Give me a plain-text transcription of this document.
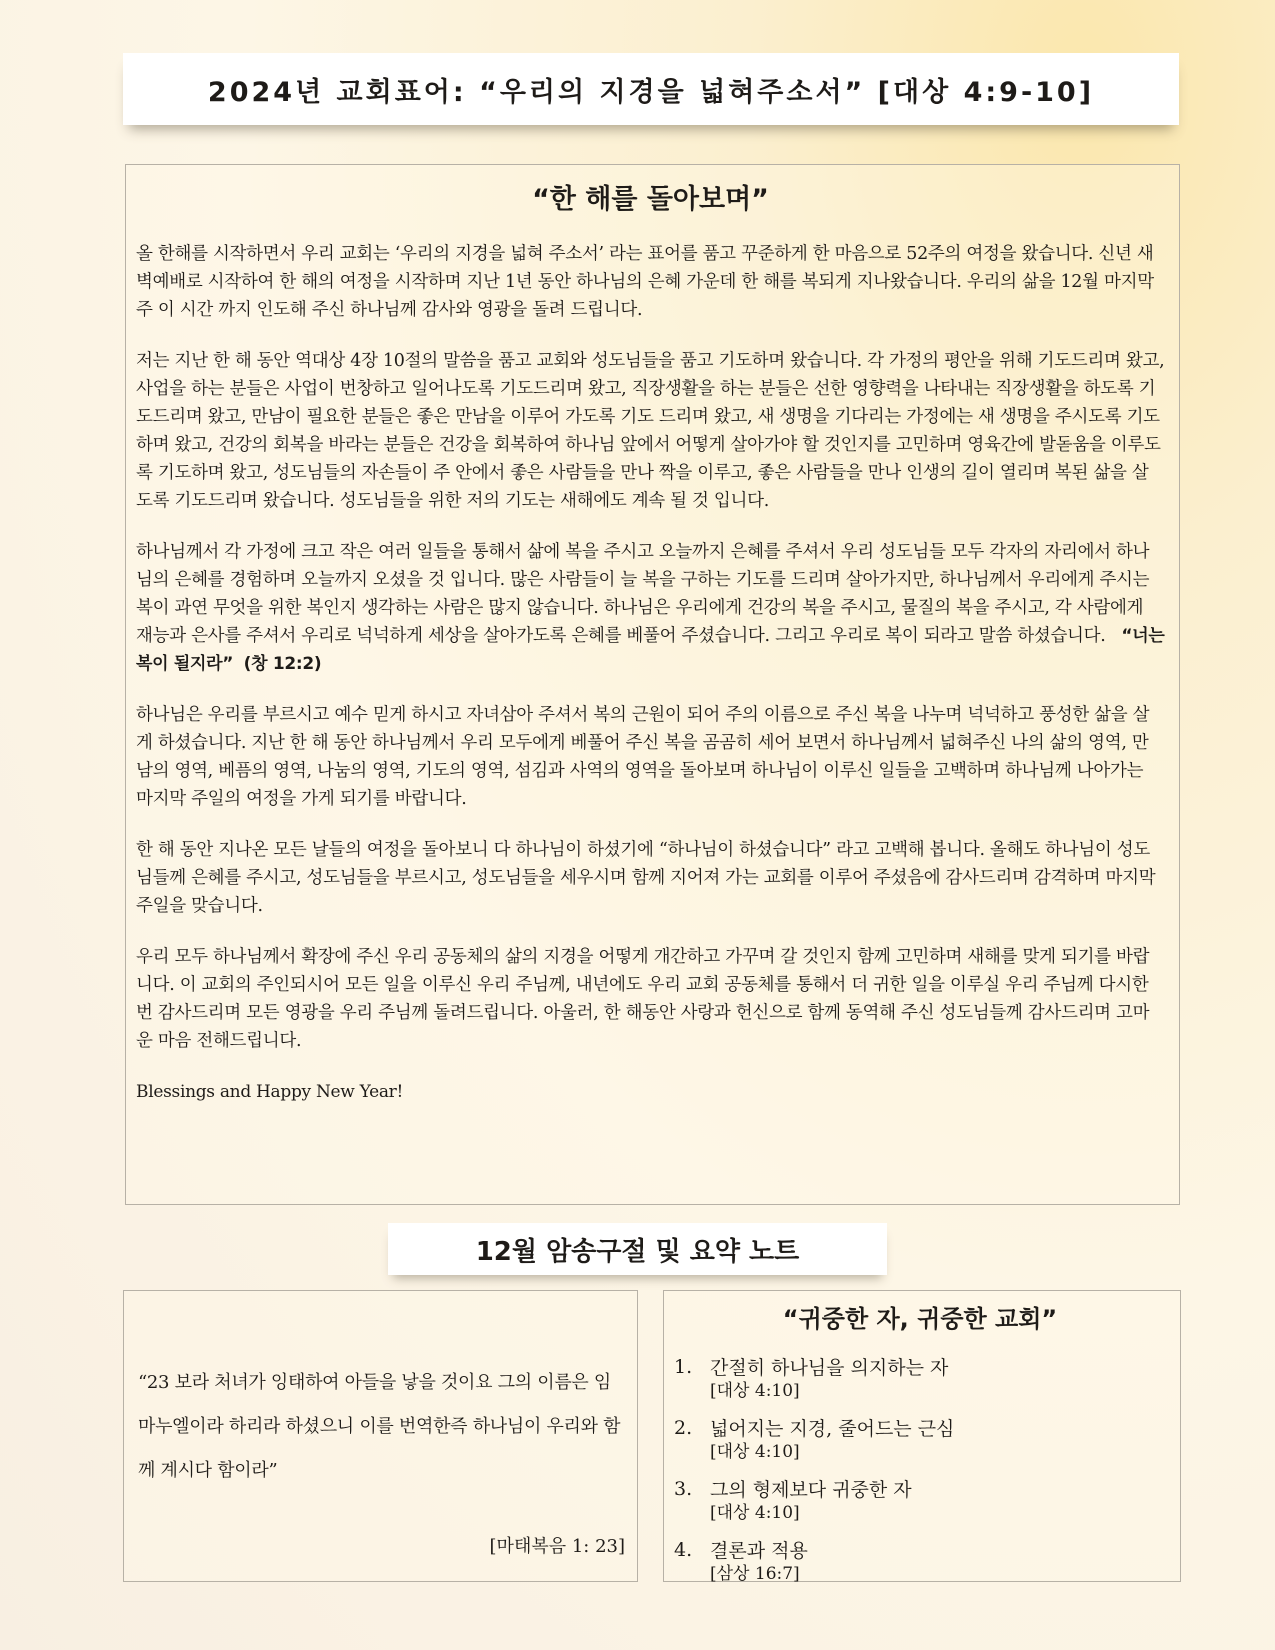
2024년 교회표어: “우리의 지경을 넓혀주소서” [대상 4:9-10]
“한 해를 돌아보며”

올 한해를 시작하면서 우리 교회는 ‘우리의 지경을 넓혀 주소서’ 라는 표어를 품고 꾸준하게 한 마음으로 52주의 여정을 왔습니다. 신년 새벽예배로 시작하여 한 해의 여정을 시작하며 지난 1년 동안 하나님의 은혜 가운데 한 해를 복되게 지나왔습니다. 우리의 삶을 12월 마지막 주 이 시간 까지 인도해 주신 하나님께 감사와 영광을 돌려 드립니다.

저는 지난 한 해 동안 역대상 4장 10절의 말씀을 품고 교회와 성도님들을 품고 기도하며 왔습니다. 각 가정의 평안을 위해 기도드리며 왔고, 사업을 하는 분들은 사업이 번창하고 일어나도록 기도드리며 왔고, 직장생활을 하는 분들은 선한 영향력을 나타내는 직장생활을 하도록 기도드리며 왔고, 만남이 필요한 분들은 좋은 만남을 이루어 가도록 기도 드리며 왔고, 새 생명을 기다리는 가정에는 새 생명을 주시도록 기도하며 왔고, 건강의 회복을 바라는 분들은 건강을 회복하여 하나님 앞에서 어떻게 살아가야 할 것인지를 고민하며 영육간에 발돋움을 이루도록 기도하며 왔고, 성도님들의 자손들이 주 안에서 좋은 사람들을 만나 짝을 이루고, 좋은 사람들을 만나 인생의 길이 열리며 복된 삶을 살도록 기도드리며 왔습니다. 성도님들을 위한 저의 기도는 새해에도 계속 될 것 입니다.

하나님께서 각 가정에 크고 작은 여러 일들을 통해서 삶에 복을 주시고 오늘까지 은혜를 주셔서 우리 성도님들 모두 각자의 자리에서 하나님의 은혜를 경험하며 오늘까지 오셨을 것 입니다. 많은 사람들이 늘 복을 구하는 기도를 드리며 살아가지만, 하나님께서 우리에게 주시는 복이 과연 무엇을 위한 복인지 생각하는 사람은 많지 않습니다. 하나님은 우리에게 건강의 복을 주시고, 물질의 복을 주시고, 각 사람에게 재능과 은사를 주셔서 우리로 넉넉하게 세상을 살아가도록 은혜를 베풀어 주셨습니다. 그리고 우리로 복이 되라고 말씀 하셨습니다. “너는 복이 될지라” (창 12:2)

하나님은 우리를 부르시고 예수 믿게 하시고 자녀삼아 주셔서 복의 근원이 되어 주의 이름으로 주신 복을 나누며 넉넉하고 풍성한 삶을 살게 하셨습니다. 지난 한 해 동안 하나님께서 우리 모두에게 베풀어 주신 복을 곰곰히 세어 보면서 하나님께서 넓혀주신 나의 삶의 영역, 만남의 영역, 베픔의 영역, 나눔의 영역, 기도의 영역, 섬김과 사역의 영역을 돌아보며 하나님이 이루신 일들을 고백하며 하나님께 나아가는 마지막 주일의 여정을 가게 되기를 바랍니다.

한 해 동안 지나온 모든 날들의 여정을 돌아보니 다 하나님이 하셨기에 “하나님이 하셨습니다” 라고 고백해 봅니다. 올해도 하나님이 성도님들께 은혜를 주시고, 성도님들을 부르시고, 성도님들을 세우시며 함께 지어져 가는 교회를 이루어 주셨음에 감사드리며 감격하며 마지막 주일을 맞습니다.

우리 모두 하나님께서 확장에 주신 우리 공동체의 삶의 지경을 어떻게 개간하고 가꾸며 갈 것인지 함께 고민하며 새해를 맞게 되기를 바랍니다. 이 교회의 주인되시어 모든 일을 이루신 우리 주님께, 내년에도 우리 교회 공동체를 통해서 더 귀한 일을 이루실 우리 주님께 다시한번 감사드리며 모든 영광을 우리 주님께 돌려드립니다. 아울러, 한 해동안 사랑과 헌신으로 함께 동역해 주신 성도님들께 감사드리며 고마운 마음 전해드립니다.

Blessings and Happy New Year!

12월 암송구절 및 요약 노트
“23 보라 처녀가 잉태하여 아들을 낳을 것이요 그의 이름은 임마누엘이라 하리라 하셨으니 이를 번역한즉 하나님이 우리와 함께 계시다 함이라”
[마태복음 1: 23]
“귀중한 자, 귀중한 교회”
1. 간절히 하나님을 의지하는 자
[대상 4:10]
2. 넓어지는 지경, 줄어드는 근심
[대상 4:10]
3. 그의 형제보다 귀중한 자
[대상 4:10]
4. 결론과 적용
[삼상 16:7]
